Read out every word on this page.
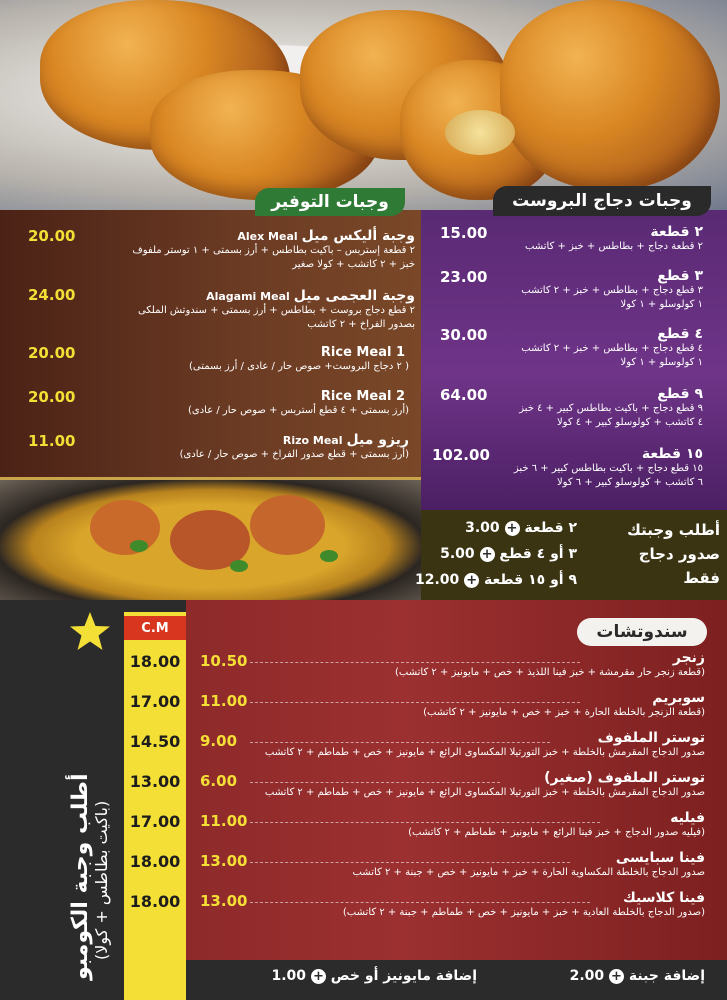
C.M
وجبات التوفير	وجبات دجاج البروست
سندوتشات
وجبة أليكس ميلAlex Meal
٢ قطعة إستربس – باكيت بطاطس + أرز بسمتى + ١ توستر ملفوف
خبز + ٢ كاتشب + كولا صغير
20.00
وجبة العجمى ميلAlagami Meal
٢ قطع دجاج بروست + بطاطس + أرز بسمتى + سندوتش الملكى
بصدور الفراخ + ٢ كاتشب
24.00
Rice Meal 1
( ٢ دجاج البروست+ صوص حار / عادى / أرز بسمتى)
20.00
Rice Meal 2
(أرز بسمتى + ٤ قطع أستربس + صوص حار / عادى)
20.00
ريزو ميلRizo Meal
(أرز بسمتى + قطع صدور الفراخ + صوص حار / عادى)
11.00
٢ قطعة
٢ قطعة دجاج + بطاطس + خبز + كاتشب
15.00
٣ قطع
٣ قطع دجاج + بطاطس + خبز + ٢ كاتشب
١ كولوسلو + ١ كولا
23.00
٤ قطع
٤ قطع دجاج + بطاطس + خبز + ٢ كاتشب
١ كولوسلو + ١ كولا
30.00
٩ قطع
٩ قطع دجاج + باكيت بطاطس كبير + ٤ خبز
٤ كاتشب + كولوسلو كبير + ٤ كولا
64.00
١٥ قطعة
١٥ قطع دجاج + باكيت بطاطس كبير + ٦ خبز
٦ كاتشب + كولوسلو كبير + ٦ كولا
102.00
أطلب وجبتك
صدور دجاج
فقط
٢ قطعة + 3.00
٣ أو ٤ قطع + 5.00
٩ أو ١٥ قطعة + 12.00
أطلب وجبة الكومبو (باكيت بطاطس + كولا)
زنجر
(قطعة زنجر حار مقرمشة + خبز فينا اللذيذ + خص + مايونيز + ٢ كاتشب)
10.50
18.00
سوبريم
(قطعة الزنجر بالخلطة الحارة + خبز + خص + مايونيز + ٢ كاتشب)
11.00
17.00
توستر الملفوف
صدور الدجاج المقرمش بالخلطة + خبز التورتيلا المكساوى الرائع + مايونيز + خص + طماطم + ٢ كاتشب
9.00
14.50
توستر الملفوف (صغير)
صدور الدجاج المقرمش بالخلطة + خبز التورتيلا المكساوى الرائع + مايونيز + خص + طماطم + ٢ كاتشب
6.00
13.00
فيليه
(فيليه صدور الدجاج + خبز فينا الرائع + مايونيز + طماطم + ٢ كاتشب)
11.00
17.00
فينا سبايسى
صدور الدجاج بالخلطة المكساوية الحارة + خبز + مايونيز + خص + جبنة + ٢ كاتشب
13.00
18.00
فينا كلاسيك
(صدور الدجاج بالخلطة العادية + خبز + مايونيز + خص + طماطم + جبنة + ٢ كاتشب)
13.00
18.00
إضافة جبنة + 2.00
إضافة مايونيز أو خص + 1.00
